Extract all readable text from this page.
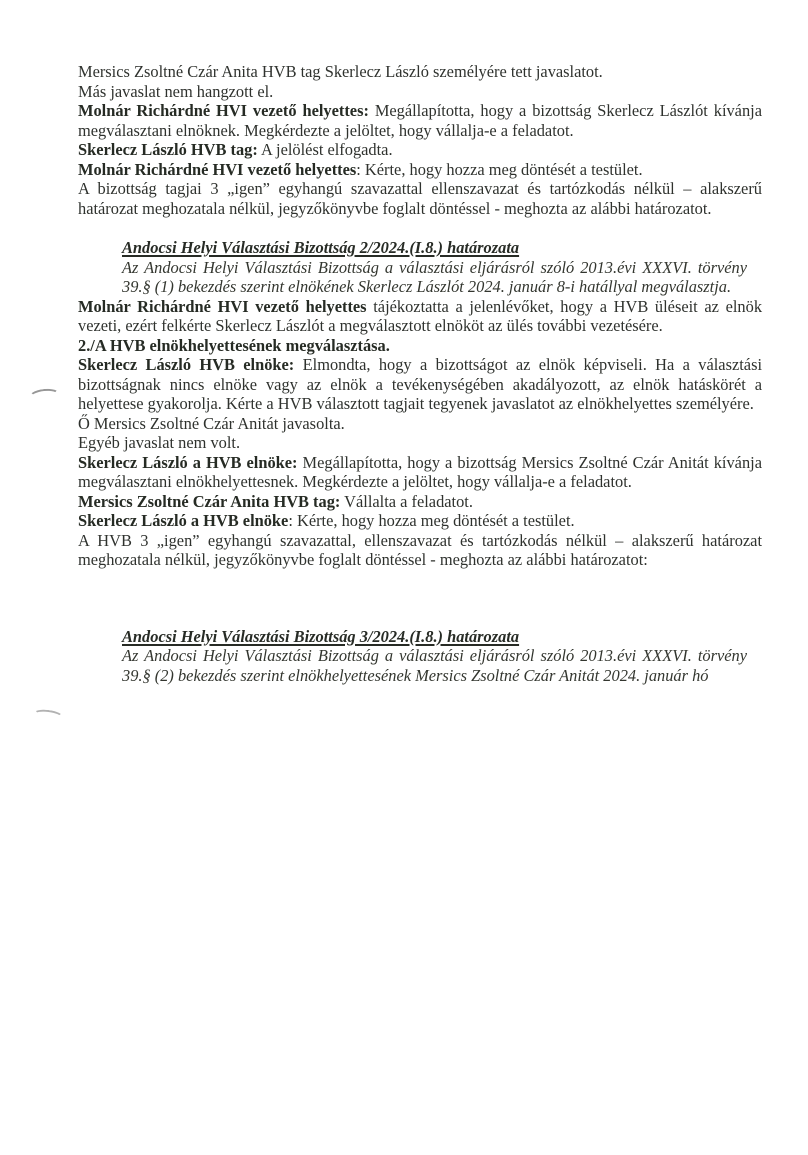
Mersics Zsoltné Czár Anita HVB tag Skerlecz László személyére tett javaslatot.

Más javaslat nem hangzott el.

Molnár Richárdné HVI vezető helyettes: Megállapította, hogy a bizottság Skerlecz Lászlót kívánja megválasztani elnöknek. Megkérdezte a jelöltet, hogy vállalja-e a feladatot.

Skerlecz László HVB tag: A jelölést elfogadta.

Molnár Richárdné HVI vezető helyettes: Kérte, hogy hozza meg döntését a testület.

A bizottság tagjai 3 „igen” egyhangú szavazattal ellenszavazat és tartózkodás nélkül – alakszerű határozat meghozatala nélkül, jegyzőkönyvbe foglalt döntéssel - meghozta az alábbi határozatot.

Andocsi Helyi Választási Bizottság 2/2024.(I.8.) határozata

Az Andocsi Helyi Választási Bizottság a választási eljárásról szóló 2013.évi XXXVI. törvény 39.§ (1) bekezdés szerint elnökének Skerlecz Lászlót 2024. január 8-i hatállyal megválasztja.

Molnár Richárdné HVI vezető helyettes tájékoztatta a jelenlévőket, hogy a HVB üléseit az elnök vezeti, ezért felkérte Skerlecz Lászlót a megválasztott elnököt az ülés további vezetésére.

2./A HVB elnökhelyettesének megválasztása.

Skerlecz László HVB elnöke: Elmondta, hogy a bizottságot az elnök képviseli. Ha a választási bizottságnak nincs elnöke vagy az elnök a tevékenységében akadályozott, az elnök hatáskörét a helyettese gyakorolja. Kérte a HVB választott tagjait tegyenek javaslatot az elnökhelyettes személyére.

Ő Mersics Zsoltné Czár Anitát javasolta.

Egyéb javaslat nem volt.

Skerlecz László a HVB elnöke: Megállapította, hogy a bizottság Mersics Zsoltné Czár Anitát kívánja megválasztani elnökhelyettesnek. Megkérdezte a jelöltet, hogy vállalja-e a feladatot.

Mersics Zsoltné Czár Anita HVB tag: Vállalta a feladatot.

Skerlecz László a HVB elnöke: Kérte, hogy hozza meg döntését a testület.

A HVB 3 „igen” egyhangú szavazattal, ellenszavazat és tartózkodás nélkül – alakszerű határozat meghozatala nélkül, jegyzőkönyvbe foglalt döntéssel - meghozta az alábbi határozatot:

Andocsi Helyi Választási Bizottság 3/2024.(I.8.) határozata

Az Andocsi Helyi Választási Bizottság a választási eljárásról szóló 2013.évi XXXVI. törvény 39.§ (2) bekezdés szerint elnökhelyettesének Mersics Zsoltné Czár Anitát 2024. január hó
